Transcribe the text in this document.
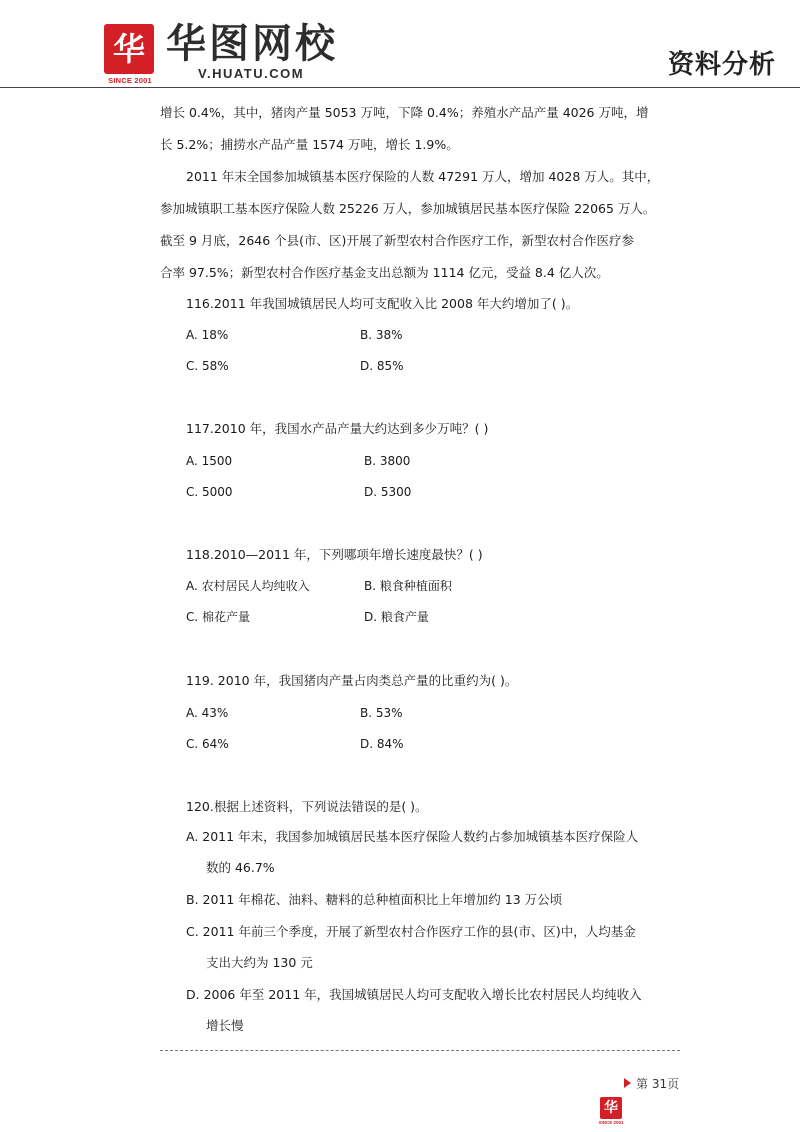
华
SINCE 2001
华图网校
V.HUATU.COM	资料分析
增长 0.4%，其中，猪肉产量 5053 万吨，下降 0.4%；养殖水产品产量 4026 万吨，增
长 5.2%；捕捞水产品产量 1574 万吨，增长 1.9%。
2011 年末全国参加城镇基本医疗保险的人数 47291 万人，增加 4028 万人。其中，
参加城镇职工基本医疗保险人数 25226 万人，参加城镇居民基本医疗保险 22065 万人。
截至 9 月底，2646 个县(市、区)开展了新型农村合作医疗工作，新型农村合作医疗参
合率 97.5%；新型农村合作医疗基金支出总额为 1114 亿元，受益 8.4 亿人次。
116.2011 年我国城镇居民人均可支配收入比 2008 年大约增加了( )。
A. 18%	B. 38%
C. 58%	D. 85%
117.2010 年，我国水产品产量大约达到多少万吨？( )
A. 1500	B. 3800
C. 5000	D. 5300
118.2010—2011 年，下列哪项年增长速度最快？( )
A. 农村居民人均纯收入	B. 粮食种植面积
C. 棉花产量	D. 粮食产量
119. 2010 年，我国猪肉产量占肉类总产量的比重约为( )。
A. 43%	B. 53%
C. 64%	D. 84%
120.根据上述资料，下列说法错误的是( )。
A. 2011 年末，我国参加城镇居民基本医疗保险人数约占参加城镇基本医疗保险人
数的 46.7%
B. 2011 年棉花、油料、糖料的总种植面积比上年增加约 13 万公顷
C. 2011 年前三个季度，开展了新型农村合作医疗工作的县(市、区)中，人均基金
支出大约为 130 元
D. 2006 年至 2011 年，我国城镇居民人均可支配收入增长比农村居民人均纯收入
增长慢
第 31页
华
SINCE 2001
